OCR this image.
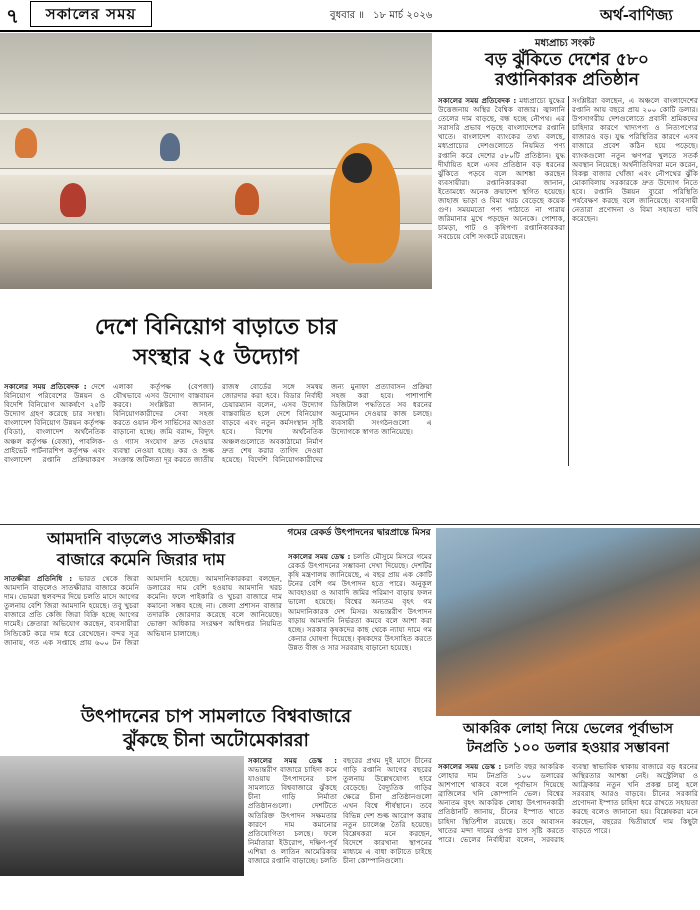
৭	সকালের সময়	বুধবার ॥ ১৮ মার্চ ২০২৬	অর্থ-বাণিজ্য
মধ্যপ্রাচ্য সংকট
বড় ঝুঁকিতে দেশের ৫৮০
রপ্তানিকারক প্রতিষ্ঠান
সকালের সময় প্রতিবেদক : মধ্যপ্রাচ্যে যুদ্ধের উত্তেজনায় অস্থির বৈশ্বিক বাজার। জ্বালানি তেলের দাম বাড়ছে, বন্ধ হচ্ছে নৌপথ। এর সরাসরি প্রভাব পড়ছে বাংলাদেশের রপ্তানি খাতে। বাংলাদেশ ব্যাংকের তথ্য বলছে, মধ্যপ্রাচ্যের দেশগুলোতে নিয়মিত পণ্য রপ্তানি করে দেশের ৫৮০টি প্রতিষ্ঠান। যুদ্ধ দীর্ঘায়িত হলে এসব প্রতিষ্ঠান বড় ধরনের ঝুঁকিতে পড়বে বলে আশঙ্কা করছেন ব্যবসায়ীরা। রপ্তানিকারকরা জানান, ইতোমধ্যে অনেক ক্রয়াদেশ স্থগিত হয়েছে। জাহাজ ভাড়া ও বিমা খরচ বেড়েছে কয়েক গুণ। সময়মতো পণ্য পাঠাতে না পারায় জরিমানার মুখে পড়ছেন অনেকে। পোশাক, চামড়া, পাট ও কৃষিপণ্য রপ্তানিকারকরা সবচেয়ে বেশি সংকটে রয়েছেন।
সংশ্লিষ্টরা বলছেন, এ অঞ্চলে বাংলাদেশের রপ্তানি আয় বছরে প্রায় ২০০ কোটি ডলার। উপসাগরীয় দেশগুলোতে প্রবাসী শ্রমিকদের চাহিদার কারণে খাদ্যপণ্য ও নিত্যপণ্যের বাজারও বড়। যুদ্ধ পরিস্থিতির কারণে এসব বাজারে প্রবেশ কঠিন হয়ে পড়েছে। ব্যাংকগুলো নতুন ঋণপত্র খুলতে সতর্ক অবস্থান নিয়েছে। অর্থনীতিবিদরা মনে করেন, বিকল্প বাজার খোঁজা এবং নৌপথের ঝুঁকি মোকাবিলায় সরকারকে দ্রুত উদ্যোগ নিতে হবে। রপ্তানি উন্নয়ন ব্যুরো পরিস্থিতি পর্যবেক্ষণ করছে বলে জানিয়েছে। ব্যবসায়ী নেতারা প্রণোদনা ও বিমা সহায়তা দাবি করেছেন।
দেশে বিনিয়োগ বাড়াতে চার
সংস্থার ২৫ উদ্যোগ
সকালের সময় প্রতিবেদক : দেশে বিনিয়োগ পরিবেশের উন্নয়ন ও বিদেশি বিনিয়োগ আকর্ষণে ২৫টি উদ্যোগ গ্রহণ করেছে চার সংস্থা। বাংলাদেশ বিনিয়োগ উন্নয়ন কর্তৃপক্ষ (বিডা), বাংলাদেশ অর্থনৈতিক অঞ্চল কর্তৃপক্ষ (বেজা), পাবলিক-প্রাইভেট পার্টনারশিপ কর্তৃপক্ষ এবং বাংলাদেশ রপ্তানি প্রক্রিয়াকরণ এলাকা কর্তৃপক্ষ (বেপজা) যৌথভাবে এসব উদ্যোগ বাস্তবায়ন করবে। সংশ্লিষ্টরা জানান, বিনিয়োগকারীদের সেবা সহজ করতে ওয়ান স্টপ সার্ভিসের আওতা বাড়ানো হচ্ছে। জমি বরাদ্দ, বিদ্যুৎ ও গ্যাস সংযোগ দ্রুত দেওয়ার ব্যবস্থা নেওয়া হচ্ছে। কর ও শুল্ক সংক্রান্ত জটিলতা দূর করতে জাতীয় রাজস্ব বোর্ডের সঙ্গে সমন্বয় জোরদার করা হবে। বিডার নির্বাহী চেয়ারম্যান বলেন, এসব উদ্যোগ বাস্তবায়িত হলে দেশে বিনিয়োগ বাড়বে এবং নতুন কর্মসংস্থান সৃষ্টি হবে। বিশেষ অর্থনৈতিক অঞ্চলগুলোতে অবকাঠামো নির্মাণ দ্রুত শেষ করার তাগিদ দেওয়া হয়েছে। বিদেশি বিনিয়োগকারীদের জন্য মুনাফা প্রত্যাবাসন প্রক্রিয়া সহজ করা হবে। পাশাপাশি ডিজিটাল পদ্ধতিতে সব ধরনের অনুমোদন দেওয়ার কাজ চলছে। ব্যবসায়ী সংগঠনগুলো এ উদ্যোগকে স্বাগত জানিয়েছে।
আমদানি বাড়লেও সাতক্ষীরার
বাজারে কমেনি জিরার দাম
সাতক্ষীরা প্রতিনিধি : ভারত থেকে জিরা আমদানি বাড়লেও সাতক্ষীরার বাজারে কমেনি দাম। ভোমরা স্থলবন্দর দিয়ে চলতি মাসে আগের তুলনায় বেশি জিরা আমদানি হয়েছে। তবু খুচরা বাজারে প্রতি কেজি জিরা বিক্রি হচ্ছে আগের দামেই। ক্রেতারা অভিযোগ করছেন, ব্যবসায়ীরা সিন্ডিকেট করে দাম ধরে রেখেছেন। বন্দর সূত্র জানায়, গত এক সপ্তাহে প্রায় ৬০০ টন জিরা আমদানি হয়েছে। আমদানিকারকরা বলছেন, ডলারের দাম বেশি হওয়ায় আমদানি খরচ কমেনি। ফলে পাইকারি ও খুচরা বাজারে দাম কমানো সম্ভব হচ্ছে না। জেলা প্রশাসন বাজার তদারকি জোরদার করেছে বলে জানিয়েছে। ভোক্তা অধিকার সংরক্ষণ অধিদপ্তর নিয়মিত অভিযান চালাচ্ছে।
গমের রেকর্ড উৎপাদনের দ্বারপ্রান্তে মিসর
সকালের সময় ডেস্ক : চলতি মৌসুমে মিসরে গমের রেকর্ড উৎপাদনের সম্ভাবনা দেখা দিয়েছে। দেশটির কৃষি মন্ত্রণালয় জানিয়েছে, এ বছর প্রায় এক কোটি টনের বেশি গম উৎপাদন হতে পারে। অনুকূল আবহাওয়া ও আবাদি জমির পরিমাণ বাড়ায় ফলন ভালো হয়েছে। বিশ্বের অন্যতম বৃহৎ গম আমদানিকারক দেশ মিসর। অভ্যন্তরীণ উৎপাদন বাড়ায় আমদানি নির্ভরতা কমবে বলে আশা করা হচ্ছে। সরকার কৃষকদের কাছ থেকে ন্যায্য দামে গম কেনার ঘোষণা দিয়েছে। কৃষকদের উৎসাহিত করতে উন্নত বীজ ও সার সরবরাহ বাড়ানো হয়েছে।
উৎপাদনের চাপ সামলাতে বিশ্ববাজারে
ঝুঁকছে চীনা অটোমেকাররা
সকালের সময় ডেস্ক : অভ্যন্তরীণ বাজারে চাহিদা কমে যাওয়ায় উৎপাদনের চাপ সামলাতে বিশ্ববাজারে ঝুঁকছে চীনা গাড়ি নির্মাতা প্রতিষ্ঠানগুলো। দেশটিতে অতিরিক্ত উৎপাদন সক্ষমতার কারণে দাম কমানোর প্রতিযোগিতা চলছে। ফলে নির্মাতারা ইউরোপ, দক্ষিণ-পূর্ব এশিয়া ও লাতিন আমেরিকার বাজারে রপ্তানি বাড়াচ্ছে। চলতি বছরের প্রথম দুই মাসে চীনের গাড়ি রপ্তানি আগের বছরের তুলনায় উল্লেখযোগ্য হারে বেড়েছে। বৈদ্যুতিক গাড়ির ক্ষেত্রে চীনা প্রতিষ্ঠানগুলো এখন বিশ্বে শীর্ষস্থানে। তবে বিভিন্ন দেশ শুল্ক আরোপ করায় নতুন চ্যালেঞ্জ তৈরি হয়েছে। বিশ্লেষকরা মনে করছেন, বিদেশে কারখানা স্থাপনের মাধ্যমে এ বাধা কাটাতে চাইছে চীনা কোম্পানিগুলো।
আকরিক লোহা নিয়ে ভেলের পূর্বাভাস
টনপ্রতি ১০০ ডলার হওয়ার সম্ভাবনা
সকালের সময় ডেস্ক : চলতি বছর আকরিক লোহার দাম টনপ্রতি ১০০ ডলারের আশপাশে থাকবে বলে পূর্বাভাস দিয়েছে ব্রাজিলের খনি কোম্পানি ভেল। বিশ্বের অন্যতম বৃহৎ আকরিক লোহা উৎপাদনকারী প্রতিষ্ঠানটি জানায়, চীনের ইস্পাত খাতে চাহিদা স্থিতিশীল রয়েছে। তবে আবাসন খাতের মন্দা দামের ওপর চাপ সৃষ্টি করতে পারে। ভেলের নির্বাহীরা বলেন, সরবরাহ ব্যবস্থা স্বাভাবিক থাকায় বাজারে বড় ধরনের অস্থিরতার আশঙ্কা নেই। অস্ট্রেলিয়া ও আফ্রিকার নতুন খনি প্রকল্প চালু হলে সরবরাহ আরও বাড়বে। চীনের সরকারি প্রণোদনা ইস্পাত চাহিদা ধরে রাখতে সহায়তা করছে বলেও জানানো হয়। বিশ্লেষকরা মনে করছেন, বছরের দ্বিতীয়ার্ধে দাম কিছুটা বাড়তে পারে।
